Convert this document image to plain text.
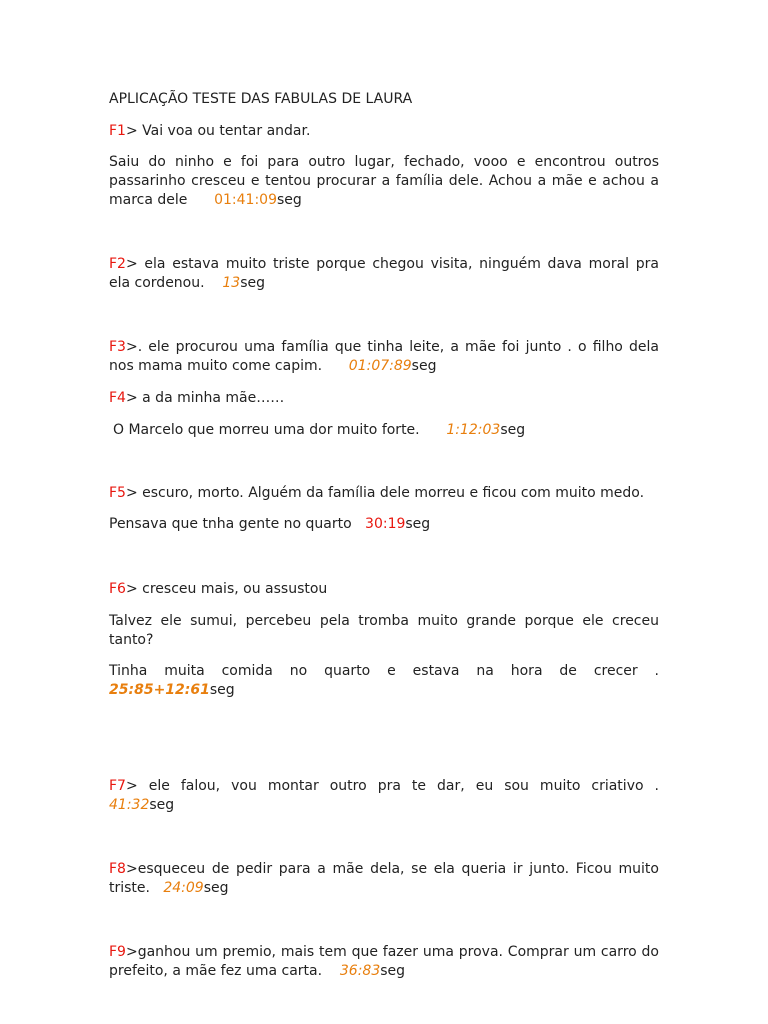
APLICAÇÃO TESTE DAS FABULAS DE LAURA

F1> Vai voa ou tentar andar.

Saiu do ninho e foi para outro lugar, fechado, vooo e encontrou outros passarinho cresceu e tentou procurar a família dele. Achou a mãe e achou a marca dele 01:41:09seg

F2> ela estava muito triste porque chegou visita, ninguém dava moral pra ela cordenou. 13seg

F3>. ele procurou uma família que tinha leite, a mãe foi junto . o filho dela nos mama muito come capim. 01:07:89seg

F4> a da minha mãe……

O Marcelo que morreu uma dor muito forte. 1:12:03seg

F5> escuro, morto. Alguém da família dele morreu e ficou com muito medo.

Pensava que tnha gente no quarto 30:19seg

F6> cresceu mais, ou assustou

Talvez ele sumui, percebeu pela tromba muito grande porque ele creceu tanto?

Tinha muita comida no quarto e estava na hora de crecer .

25:85+12:61seg

F7> ele falou, vou montar outro pra te dar, eu sou muito criativo .

41:32seg

F8>esqueceu de pedir para a mãe dela, se ela queria ir junto. Ficou muito triste. 24:09seg

F9>ganhou um premio, mais tem que fazer uma prova. Comprar um carro do prefeito, a mãe fez uma carta. 36:83seg
